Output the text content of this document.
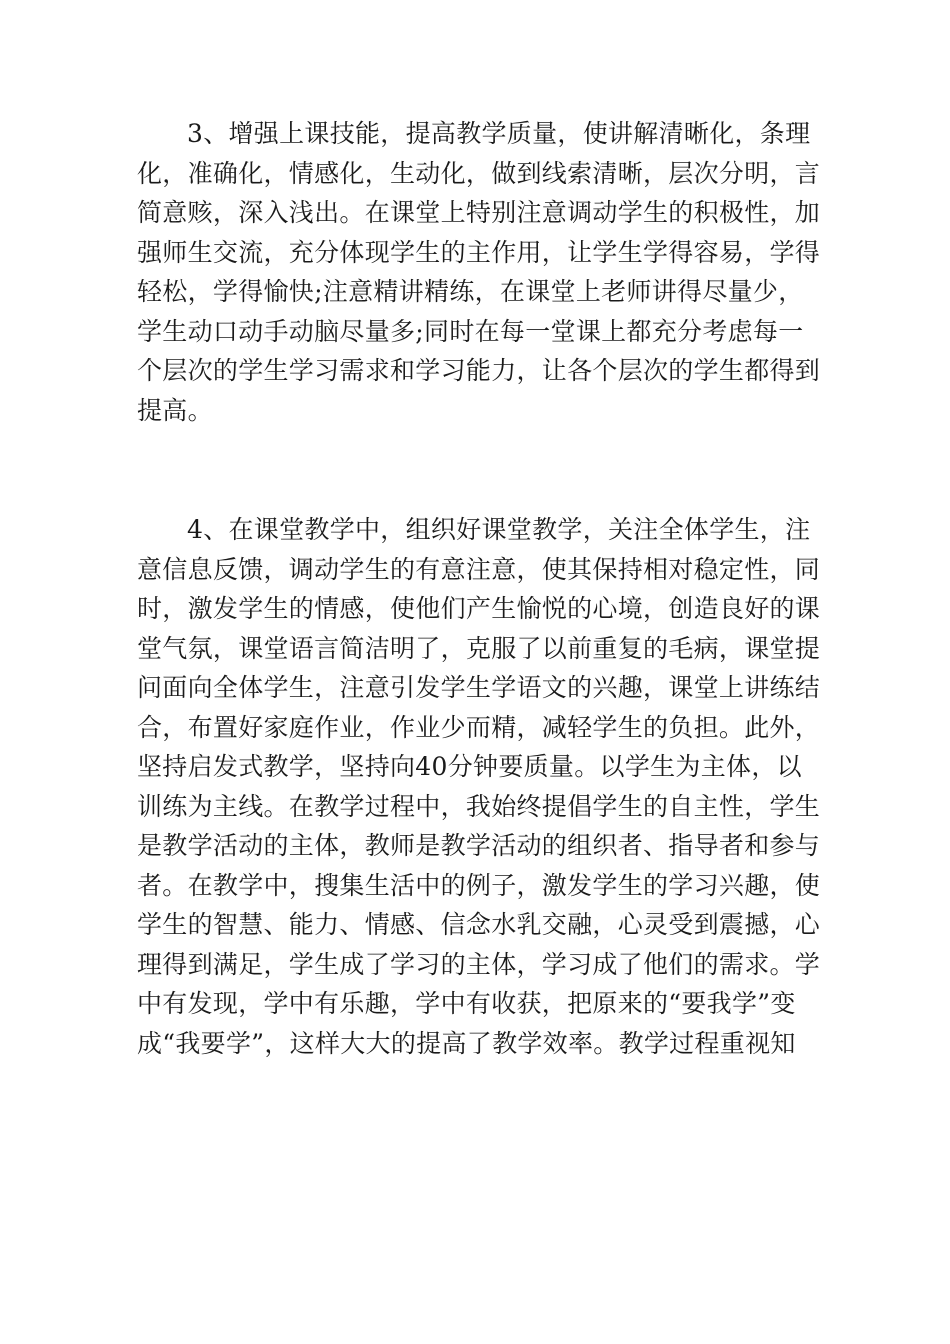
3、增强上课技能，提高教学质量，使讲解清晰化，条理
化，准确化，情感化，生动化，做到线索清晰，层次分明，言
简意赅，深入浅出。在课堂上特别注意调动学生的积极性，加
强师生交流，充分体现学生的主作用，让学生学得容易，学得
轻松，学得愉快;注意精讲精练，在课堂上老师讲得尽量少，
学生动口动手动脑尽量多;同时在每一堂课上都充分考虑每一
个层次的学生学习需求和学习能力，让各个层次的学生都得到
提高。
4、在课堂教学中，组织好课堂教学，关注全体学生，注
意信息反馈，调动学生的有意注意，使其保持相对稳定性，同
时，激发学生的情感，使他们产生愉悦的心境，创造良好的课
堂气氛，课堂语言简洁明了，克服了以前重复的毛病，课堂提
问面向全体学生，注意引发学生学语文的兴趣，课堂上讲练结
合，布置好家庭作业，作业少而精，减轻学生的负担。此外，
坚持启发式教学，坚持向40分钟要质量。以学生为主体，以
训练为主线。在教学过程中，我始终提倡学生的自主性，学生
是教学活动的主体，教师是教学活动的组织者、指导者和参与
者。在教学中，搜集生活中的例子，激发学生的学习兴趣，使
学生的智慧、能力、情感、信念水乳交融，心灵受到震撼，心
理得到满足，学生成了学习的主体，学习成了他们的需求。学
中有发现，学中有乐趣，学中有收获，把原来的“要我学”变
成“我要学”，这样大大的提高了教学效率。教学过程重视知
